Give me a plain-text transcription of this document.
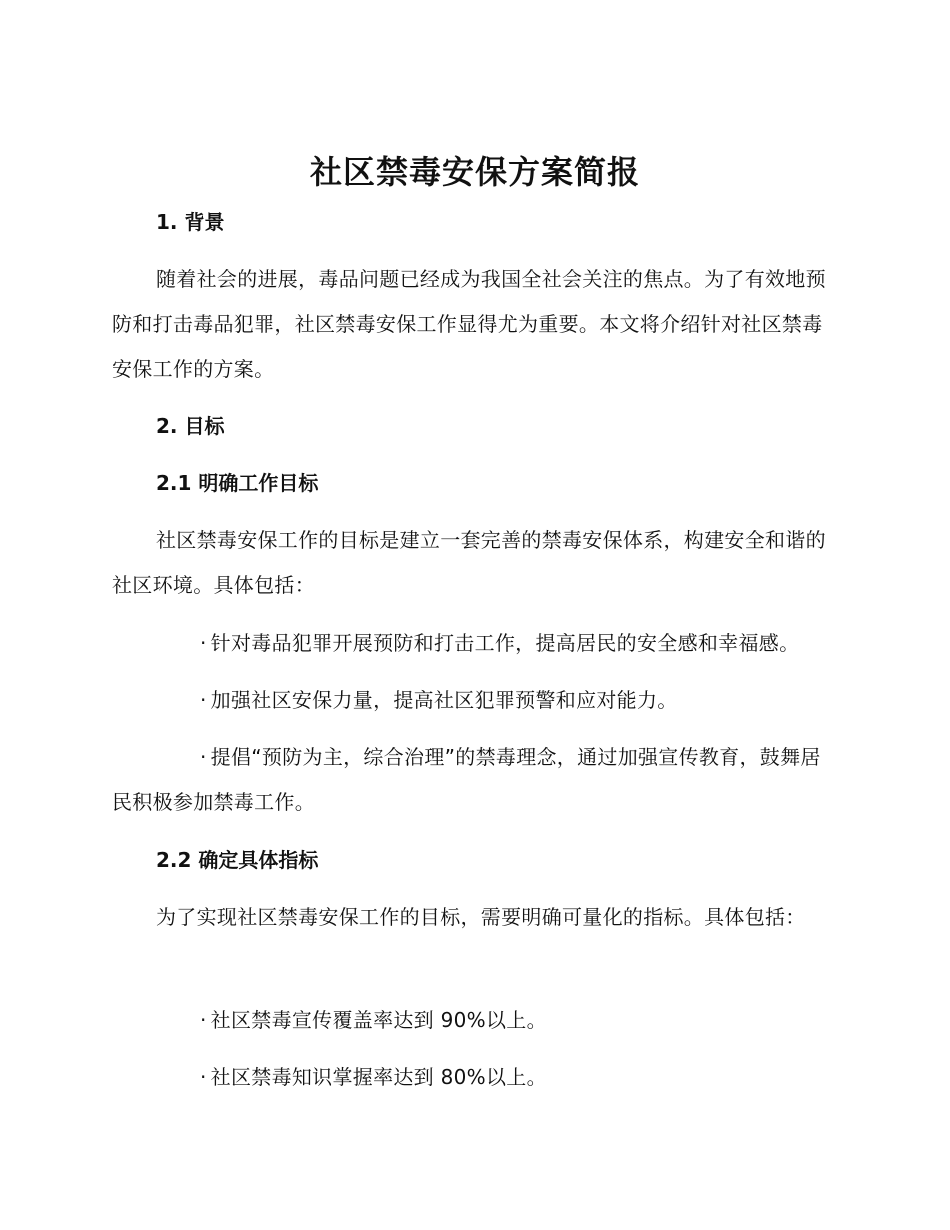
社区禁毒安保方案简报
1. 背景
随着社会的进展，毒品问题已经成为我国全社会关注的焦点。为了有效地预防和打击毒品犯罪，社区禁毒安保工作显得尤为重要。本文将介绍针对社区禁毒安保工作的方案。
2. 目标
2.1 明确工作目标
社区禁毒安保工作的目标是建立一套完善的禁毒安保体系，构建安全和谐的社区环境。具体包括：
· 针对毒品犯罪开展预防和打击工作，提高居民的安全感和幸福感。
· 加强社区安保力量，提高社区犯罪预警和应对能力。
· 提倡“预防为主，综合治理”的禁毒理念，通过加强宣传教育，鼓舞居民积极参加禁毒工作。
2.2 确定具体指标
为了实现社区禁毒安保工作的目标，需要明确可量化的指标。具体包括：
· 社区禁毒宣传覆盖率达到 90%以上。
· 社区禁毒知识掌握率达到 80%以上。
